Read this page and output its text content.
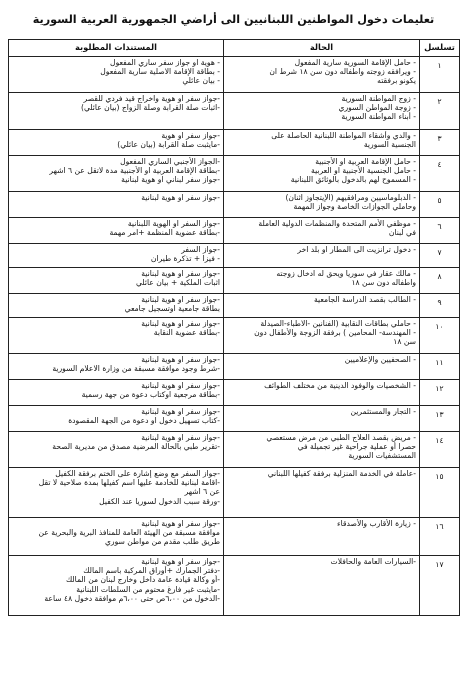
تعليمات دخول المواطنين اللبنانيين الى أراضي الجمهورية العربية السورية
تسلسل	الحالة	المستندات المطلوبة
١	- حامل الإقامة السورية سارية المفعول
- ويرافقه زوجته واطفاله دون سن ١٨ شرط ان
يكونو برفقته	- هوية او جواز سفر ساري المفعول
- بطاقة الإقامة الاصلية سارية المفعول
- بيان عائلي

٢	- زوج المواطنة السورية
- زوجة المواطن السوري
- أبناء المواطنة السورية	-جواز سفر او هوية واخراج قيد فردي للقصر
-اثبات صلة القرابة وصلة الزواج (بيان عائلي)

٣	- والدي وأشقاء المواطنة اللبنانية الحاصلة على
الجنسية السورية	-جواز سفر او هوية
-مايثبت صلة القرابة (بيان عائلي)

٤	- حامل الإقامة العربية او الأجنبية
- حامل الجنسية الأجنبية او العربية
- المسموح لهم بالدخول بالوثائق اللبنانية	-الجواز الأجنبي الساري المفعول
-بطاقة الإقامة العربية او الأجنبية مدة لاتقل عن ٦ اشهر
-جواز سفر لبناني او هوية لبنانية

٥	- الدبلوماسيين ومرافقيهم (الإيتجاوز اثنان)
وحاملي الجوازات الخاصة وجواز المهمة	-جواز سفر او هوية لبنانية

٦	- موظفي الأمم المتحدة والمنظمات الدولية العاملة
في لبنان	-جواز السفر او الهوية اللبنانية
-بطاقة عضوية المنظمة +امر مهمة

٧	- دخول ترانزيت الى المطار او بلد اخر	-جواز السفر
- فيزا + تذكرة طيران

٨	- مالك عقار في سوريا ويحق له ادخال زوجته
واطفاله دون سن ١٨	-جواز سفر او هوية لبنانية
اثبات الملكية + بيان عائلي

٩	- الطالب بقصد الدراسة الجامعية	-جواز سفر او هوية لبنانية
بطاقة جامعية اوتسجيل جامعي

١٠	- حاملي بطاقات النقابية (الفنانين -الاطباء-الصيدلة
- المهندسة- المحامين ) برفقة الزوجة والأطفال دون
سن ١٨	-جواز سفر او هوية لبنانية
-بطاقة عضوية النقابة

١١	- الصحفيين والإعلاميين	-جواز سفر او هوية لبنانية
-شرط وجود موافقة مسبقة من وزارة الاعلام السورية

١٢	- الشخصيات والوفود الدينية من مختلف الطوائف	-جواز سفر او هوية لبنانية
-بطاقة مرجعية اوكتاب دعوة من جهة رسمية

١٣	- التجار والمستثمرين	-جواز سفر او هوية لبنانية
-كتاب تسهيل دخول او دعوة من الجهة المقصودة

١٤	- مريض بقصد العلاج الطبي من مرض مستعصي
حصرا أو عملية جراحية غير تجميلة في
المستشفيات السورية	-جواز سفر او هوية لبنانية
-تقرير طبي بالحالة المرضية مصدق من مديرية الصحة

١٥	-عاملة في الخدمة المنزلية برفقة كفيلها اللبناني	-جواز السفر مع وضع إشارة على الختم برفقة الكفيل
-اقامة لبنانية للخادمة عليها اسم كفيلها بمدة صلاحية لا تقل
عن ٦ اشهر
-ورقة سبب الدخول لسوريا عند الكفيل

١٦	- زيارة الأقارب والأصدقاء	-جواز سفر او هوية لبنانية
موافقة مسبقة من الهيئة العامة للمنافذ البرية والبحرية عن
طريق طلب مقدم من مواطن سوري

١٧	-السيارات العامة والحافلات	-جواز سفر او هوية لبنانية
-دفتر الجمارك +أوراق المركبة باسم المالك
-أو وكالة قيادة عامة داخل وخارج لبنان من المالك
-مايثبت غير فارغ محتوم من السلطات اللبنانية
-الدخول من ٦،٠٠ص حتى ٦،٠٠م موافقة دخول ٤٨ ساعة
